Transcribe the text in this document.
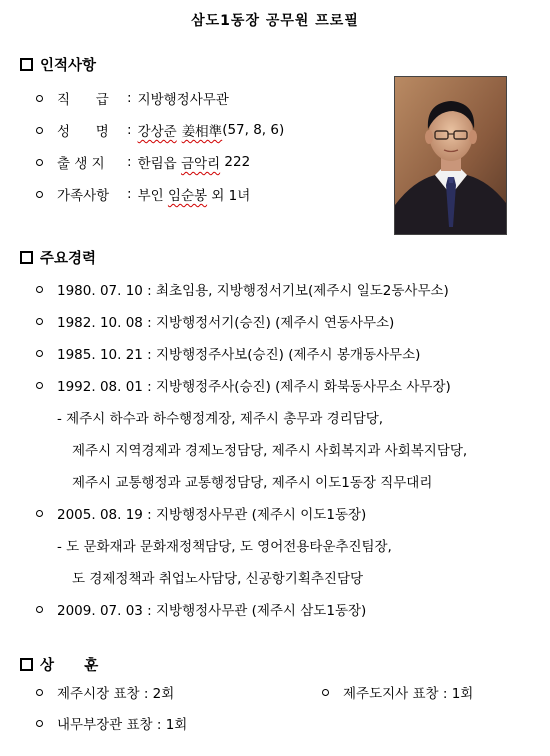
삼도1동장 공무원 프로필
인적사항
직      급	: 지방행정사무관
성      명	: 강상준 姜相準 (57, 8, 6)
출 생 지	: 한림읍 금악리 222
가족사항	: 부인 임순봉 외 1녀
주요경력
1980. 07. 10 : 최초임용, 지방행정서기보(제주시 일도2동사무소)
1982. 10. 08 : 지방행정서기(승진) (제주시 연동사무소)
1985. 10. 21 : 지방행정주사보(승진) (제주시 봉개동사무소)
1992. 08. 01 : 지방행정주사(승진) (제주시 화북동사무소 사무장)
- 제주시 하수과 하수행정계장, 제주시 총무과 경리담당,
제주시 지역경제과 경제노정담당, 제주시 사회복지과 사회복지담당,
제주시 교통행정과 교통행정담당, 제주시 이도1동장 직무대리
2005. 08. 19 : 지방행정사무관 (제주시 이도1동장)
- 도 문화재과 문화재정책담당, 도 영어전용타운추진팀장,
도 경제정책과 취업노사담당, 신공항기획추진담당
2009. 07. 03 : 지방행정사무관 (제주시 삼도1동장)
상      훈
제주시장 표창 : 2회	제주도지사 표창 : 1회
내무부장관 표창 : 1회
